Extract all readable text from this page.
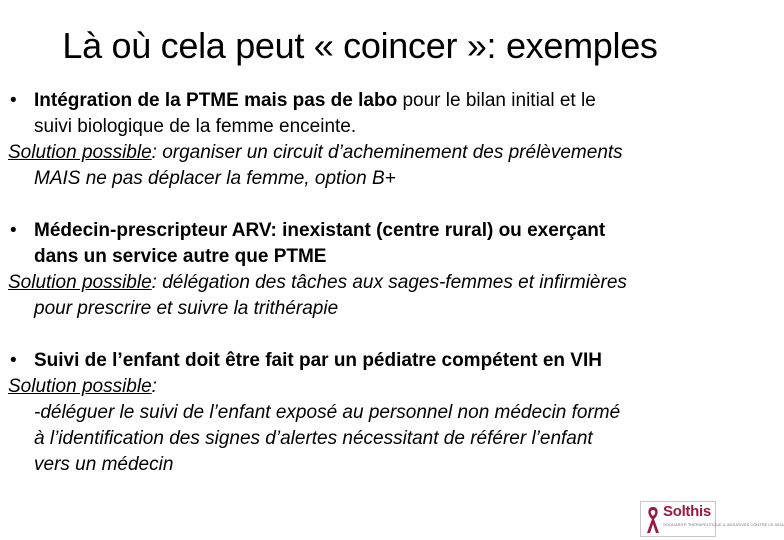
Là où cela peut « coincer »: exemples
• Intégration de la PTME mais pas de labo pour le bilan initial et le
suivi biologique de la femme enceinte.
Solution possible: organiser un circuit d’acheminement des prélèvements
MAIS ne pas déplacer la femme, option B+
• Médecin-prescripteur ARV: inexistant (centre rural) ou exerçant
dans un service autre que PTME
Solution possible: délégation des tâches aux sages-femmes et infirmières
pour prescrire et suivre la trithérapie
• Suivi de l’enfant doit être fait par un pédiatre compétent en VIH
Solution possible:
-déléguer le suivi de l’enfant exposé au personnel non médecin formé
à l’identification des signes d’alertes nécessitant de référer l’enfant
vers un médecin
Solthis
SOLIDARITÉ THÉRAPEUTIQUE & INITIATIVES CONTRE LE SIDA
